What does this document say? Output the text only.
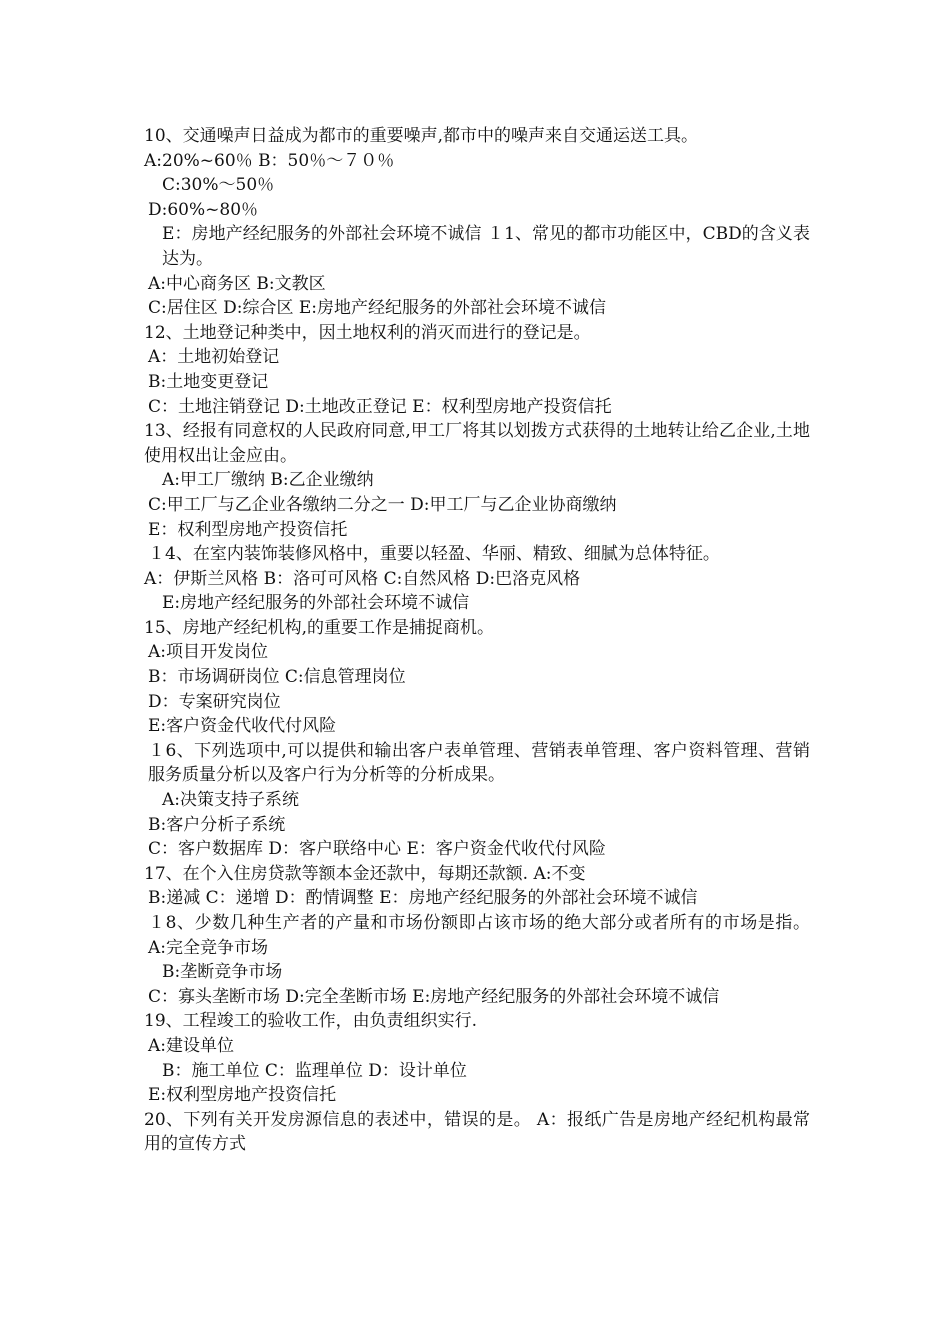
10、交通噪声日益成为都市的重要噪声,都市中的噪声来自交通运送工具。
A:20%~60％ B：50％～７０％
C:30%～50％
D:60%~80％
E：房地产经纪服务的外部社会环境不诚信 １1、常见的都市功能区中，CBD的含义表达为。
A:中心商务区 B:文教区
C:居住区 D:综合区 E:房地产经纪服务的外部社会环境不诚信
12、土地登记种类中，因土地权利的消灭而进行的登记是。
A：土地初始登记
B:土地变更登记
C：土地注销登记 D:土地改正登记 E：权利型房地产投资信托
13、经报有同意权的人民政府同意,甲工厂将其以划拨方式获得的土地转让给乙企业,土地使用权出让金应由。
A:甲工厂缴纳 B:乙企业缴纳
C:甲工厂与乙企业各缴纳二分之一 D:甲工厂与乙企业协商缴纳
E：权利型房地产投资信托
１4、在室内装饰装修风格中，重要以轻盈、华丽、精致、细腻为总体特征。
A：伊斯兰风格 B：洛可可风格 C:自然风格 D:巴洛克风格
E:房地产经纪服务的外部社会环境不诚信
15、房地产经纪机构,的重要工作是捕捉商机。
A:项目开发岗位
B：市场调研岗位 C:信息管理岗位
D：专案研究岗位
E:客户资金代收代付风险
１6、下列选项中,可以提供和输出客户表单管理、营销表单管理、客户资料管理、营销服务质量分析以及客户行为分析等的分析成果。
A:决策支持子系统
B:客户分析子系统
C：客户数据库 D：客户联络中心 E：客户资金代收代付风险
17、在个入住房贷款等额本金还款中，每期还款额. A:不变
B:递减 C：递增 D：酌情调整 E：房地产经纪服务的外部社会环境不诚信
１8、少数几种生产者的产量和市场份额即占该市场的绝大部分或者所有的市场是指。 A:完全竞争市场
B:垄断竞争市场
C：寡头垄断市场 D:完全垄断市场 E:房地产经纪服务的外部社会环境不诚信
19、工程竣工的验收工作，由负责组织实行.
A:建设单位
B：施工单位 C：监理单位 D：设计单位
E:权利型房地产投资信托
20、下列有关开发房源信息的表述中，错误的是。 A：报纸广告是房地产经纪机构最常用的宣传方式
